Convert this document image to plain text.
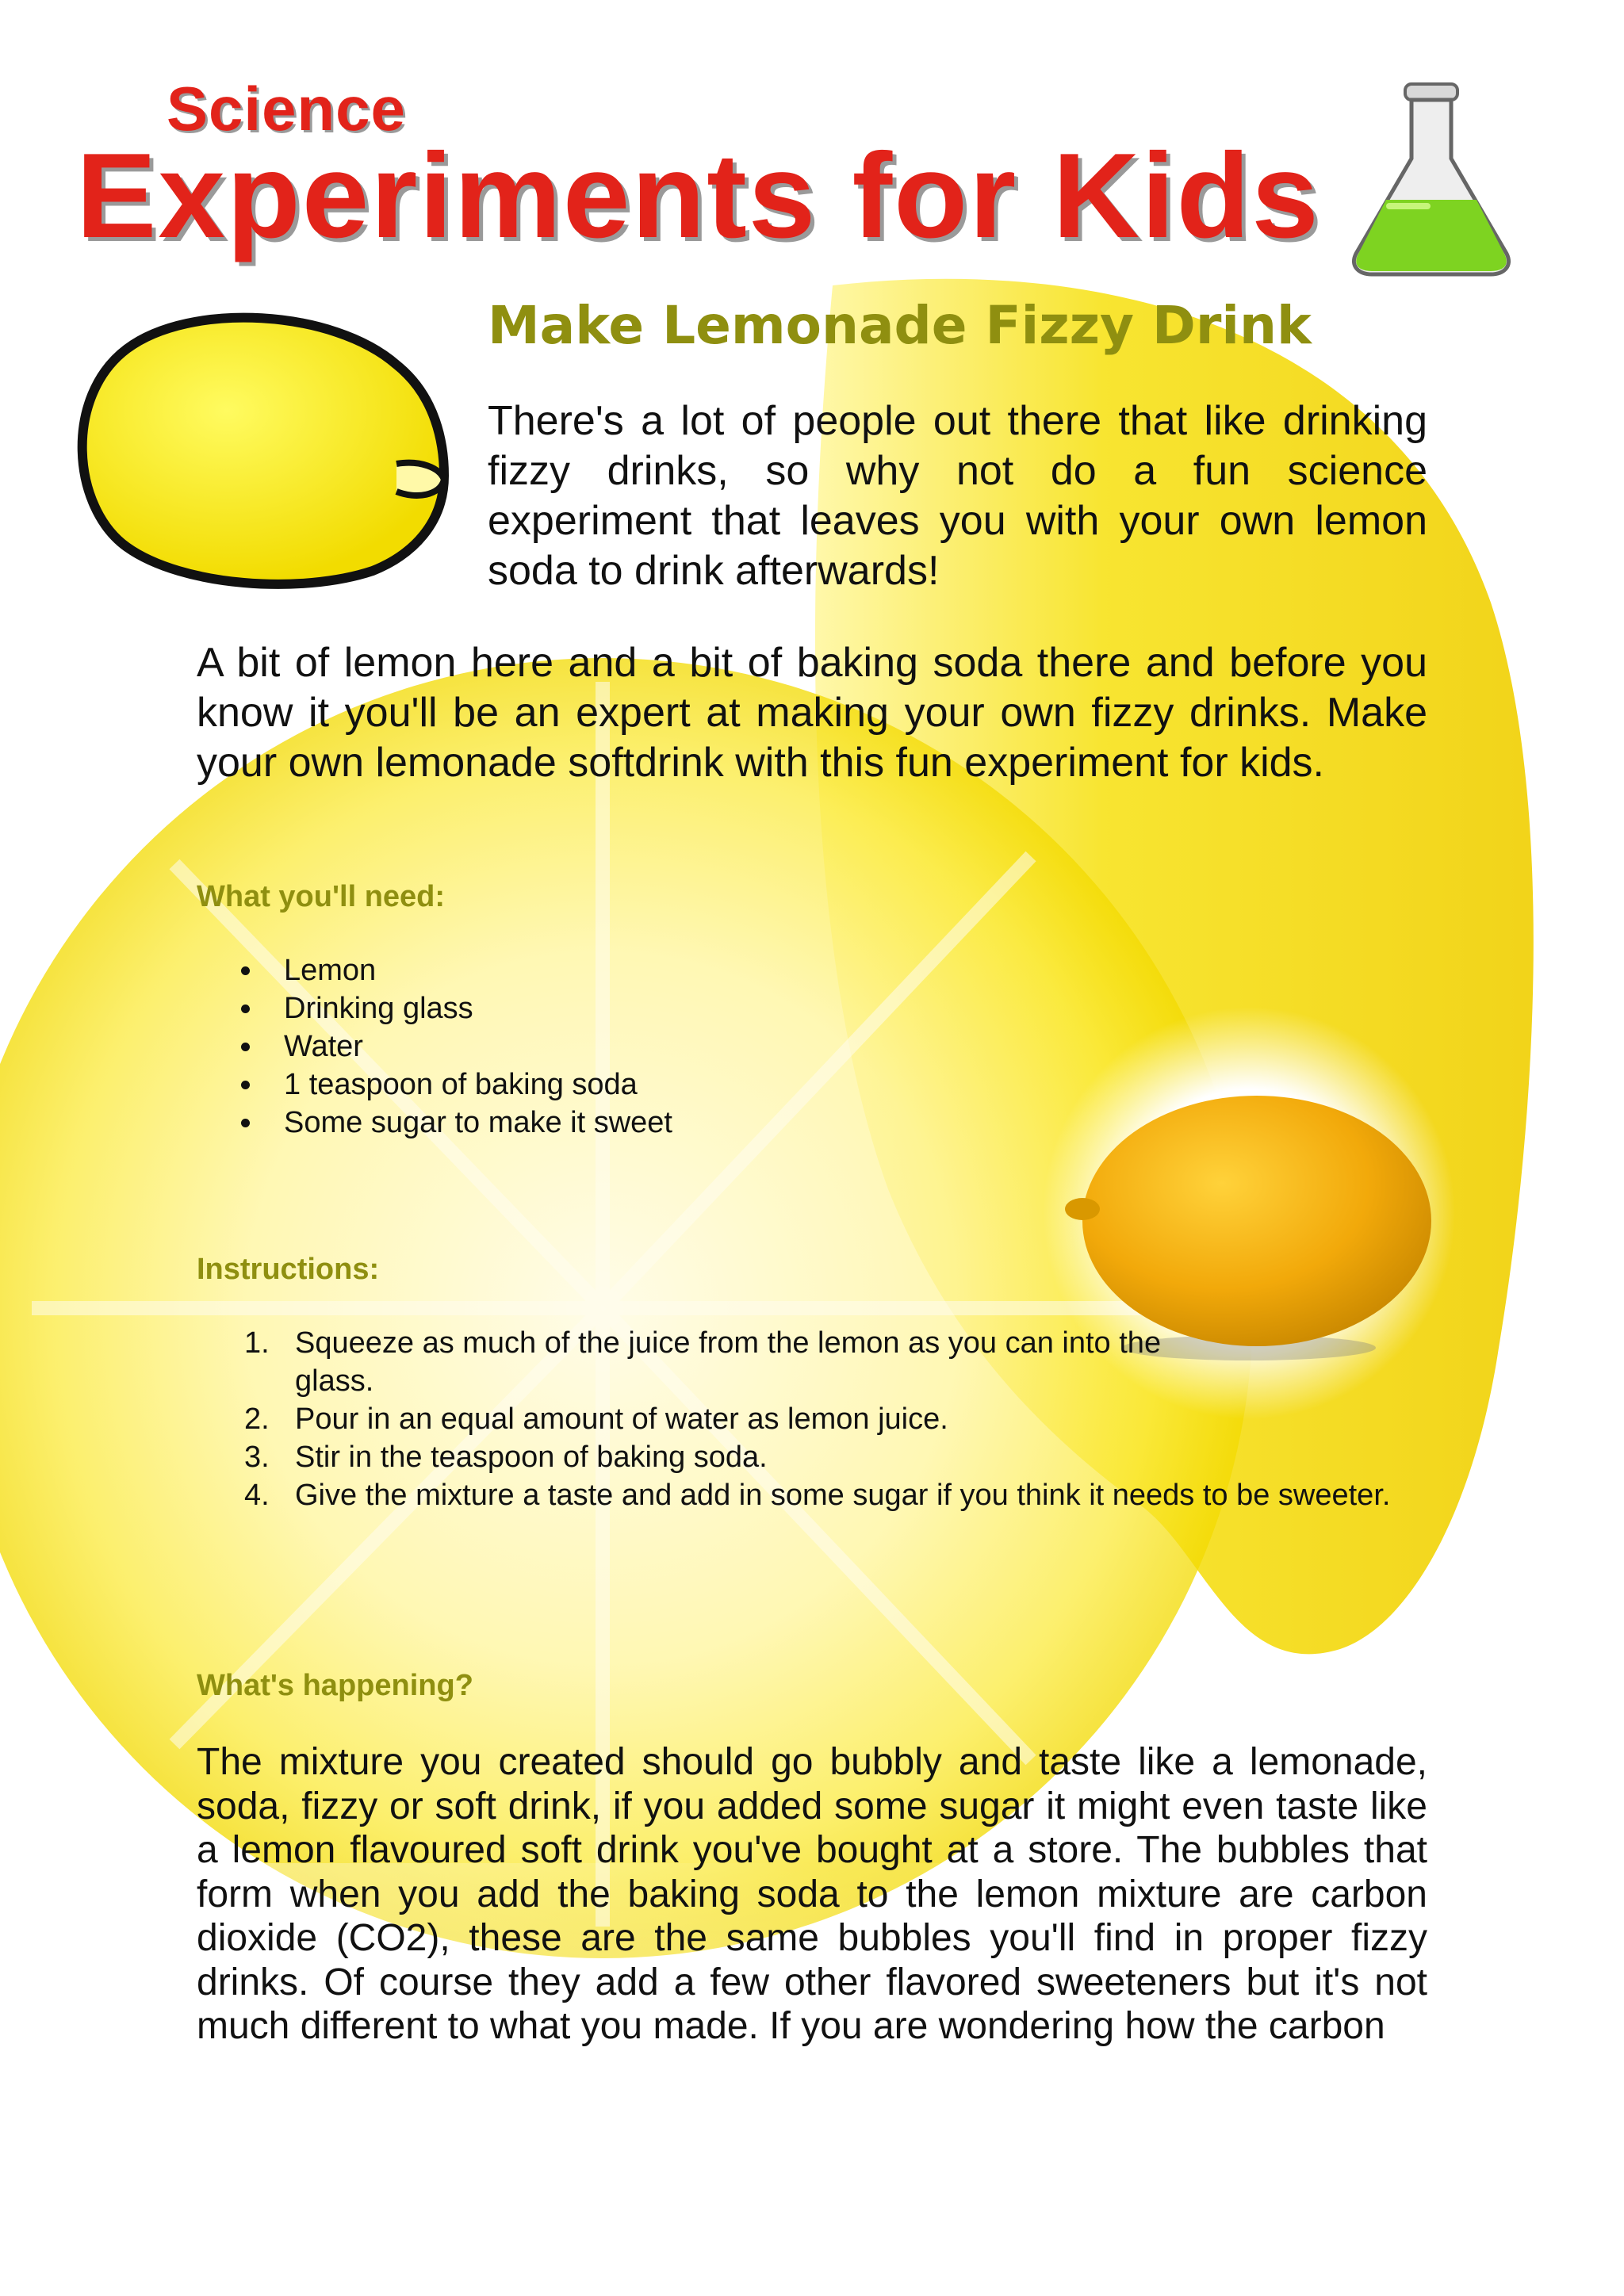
Science
Experiments for Kids
Make Lemonade Fizzy Drink
There's a lot of people out there that like drinking fizzy drinks, so why not do a fun science experiment that leaves you with your own lemon soda to drink afterwards!
A bit of lemon here and a bit of baking soda there and before you know it you'll be an expert at making your own fizzy drinks. Make your own lemonade softdrink with this fun experiment for kids.
What you'll need:
Lemon
Drinking glass
Water
1 teaspoon of baking soda
Some sugar to make it sweet
Instructions:
1. Squeeze as much of the juice from the lemon as you can into the glass.
2. Pour in an equal amount of water as lemon juice.
3. Stir in the teaspoon of baking soda.
4. Give the mixture a taste and add in some sugar if you think it needs to be sweeter.
What's happening?
The mixture you created should go bubbly and taste like a lemonade, soda, fizzy or soft drink, if you added some sugar it might even taste like a lemon flavoured soft drink you've bought at a store. The bubbles that form when you add the baking soda to the lemon mixture are carbon dioxide (CO2), these are the same bubbles you'll find in proper fizzy drinks. Of course they add a few other flavored sweeteners but it's not much different to what you made. If you are wondering how the carbon
